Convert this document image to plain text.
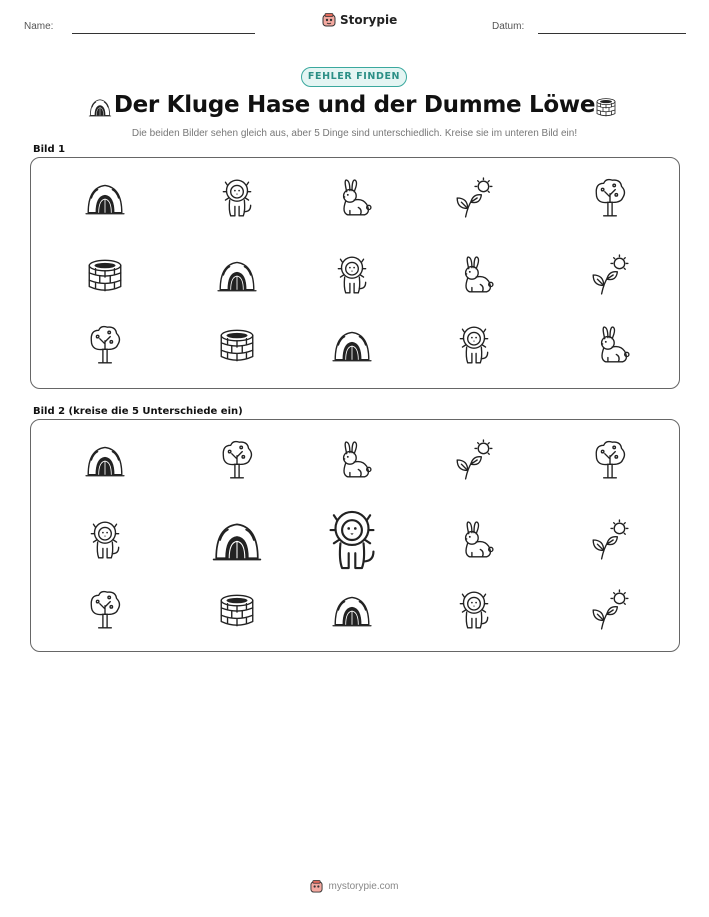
Name:	Storypie	Datum:
FEHLER FINDEN
Der Kluge Hase und der Dumme Löwe
Die beiden Bilder sehen gleich aus, aber 5 Dinge sind unterschiedlich. Kreise sie im unteren Bild ein!
Bild 1
Bild 2 (kreise die 5 Unterschiede ein)
mystorypie.com
